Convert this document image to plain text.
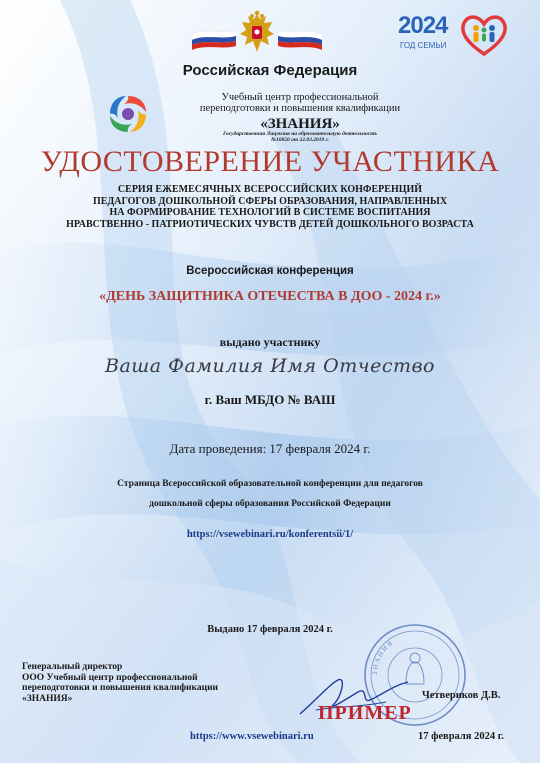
2024
ГОД СЕМЬИ
Российская Федерация
Учебный центр профессиональной
переподготовки и повышения квалификации
«ЗНАНИЯ»
Государственная Лицензия на образовательную деятельность
№10850 от 22.03.2019 г.
УДОСТОВЕРЕНИЕ УЧАСТНИКА
СЕРИЯ ЕЖЕМЕСЯЧНЫХ ВСЕРОССИЙСКИХ КОНФЕРЕНЦИЙ
ПЕДАГОГОВ ДОШКОЛЬНОЙ СФЕРЫ ОБРАЗОВАНИЯ, НАПРАВЛЕННЫХ
НА ФОРМИРОВАНИЕ ТЕХНОЛОГИЙ В СИСТЕМЕ ВОСПИТАНИЯ
НРАВСТВЕННО - ПАТРИОТИЧЕСКИХ ЧУВСТВ ДЕТЕЙ ДОШКОЛЬНОГО ВОЗРАСТА
Всероссийская конференция
«ДЕНЬ ЗАЩИТНИКА ОТЕЧЕСТВА В ДОО - 2024 г.»
выдано участнику
Ваша Фамилия Имя Отчество
г. Ваш МБДО № ВАШ
Дата проведения: 17 февраля 2024 г.
Страница Всероссийской образовательной конференции для педагогов
дошкольной сферы образования Российской Федерации
https://vsewebinari.ru/konferentsii/1/
Выдано 17 февраля 2024 г.
Генеральный директор
ООО Учебный центр профессиональной
переподготовки и повышения квалификации
«ЗНАНИЯ»
ЗНАНИЯ
ПРИМЕР
Четвериков Д.В.
https://www.vsewebinari.ru	17 февраля 2024 г.
